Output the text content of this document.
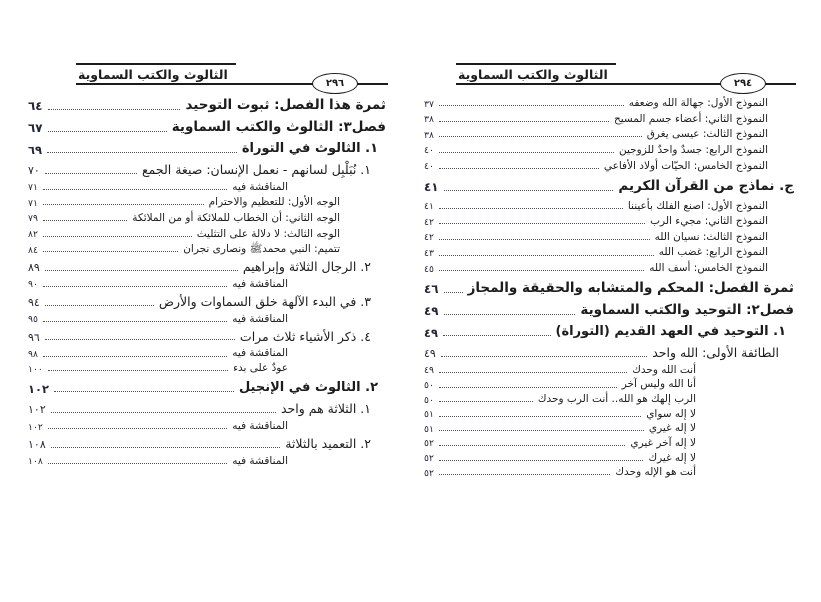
الثالوث والكتب السماوية
٢٩٦
ثمرة هذا الفصل: ثبوت التوحيد
٦٤
فصل٣: الثالوث والكتب السماوية
٦٧
١. الثالوث في التوراة
٦٩
١. نُبَلْبِل لسانهم - نعمل الإنسان: صيغة الجمع
٧٠
المناقشة فيه
٧١
الوجه الأول: للتعظيم والاحترام
٧١
الوجه الثاني: أن الخطاب للملائكة أو من الملائكة
٧٩
الوجه الثالث: لا دلالة على التثليث
٨٢
تتميم: النبي محمدﷺ ونصارى نجران
٨٤
٢. الرجال الثلاثة وإبراهيم
٨٩
المناقشة فيه
٩٠
٣. في البدء الآلهة خلق السماوات والأرض
٩٤
المناقشة فيه
٩٥
٤. ذكر الأشياء ثلاث مرات
٩٦
المناقشة فيه
٩٨
عودٌ على بدء
١٠٠
٢. الثالوث في الإنجيل
١٠٢
١. الثلاثة هم واحد
١٠٢
المناقشة فيه
١٠٢
٢. التعميد بالثلاثة
١٠٨
المناقشة فيه
١٠٨
الثالوث والكتب السماوية
٢٩٤
النموذج الأول: جهالة الله وضعفه
٣٧
النموذج الثاني: أعضاء جسم المسيح
٣٨
النموذج الثالث: عيسى يغرق
٣٨
النموذج الرابع: جسدٌ واحدٌ للزوجين
٤٠
النموذج الخامس: الحيّات أولاد الأفاعي
٤٠
ج. نماذج من القرآن الكريم
٤١
النموذج الأول: اصنع الفلك بأعيننا
٤١
النموذج الثاني: مجيء الرب
٤٢
النموذج الثالث: نسيان الله
٤٢
النموذج الرابع: غضب الله
٤٣
النموذج الخامس: أسف الله
٤٥
ثمرة الفصل: المحكم والمتشابه والحقيقة والمجاز
٤٦
فصل٢: التوحيد والكتب السماوية
٤٩
١. التوحيد في العهد القديم (التوراة)
٤٩
الطائفة الأولى: الله واحد
٤٩
أنت الله وحدك
٤٩
أنا الله وليس آخر
٥٠
الرب إلهك هو الله.. أنت الرب وحدك
٥٠
لا إله سواي
٥١
لا إله غيري
٥١
لا إله آخر غيري
٥٢
لا إله غيرك
٥٢
أنت هو الإله وحدك
٥٢
